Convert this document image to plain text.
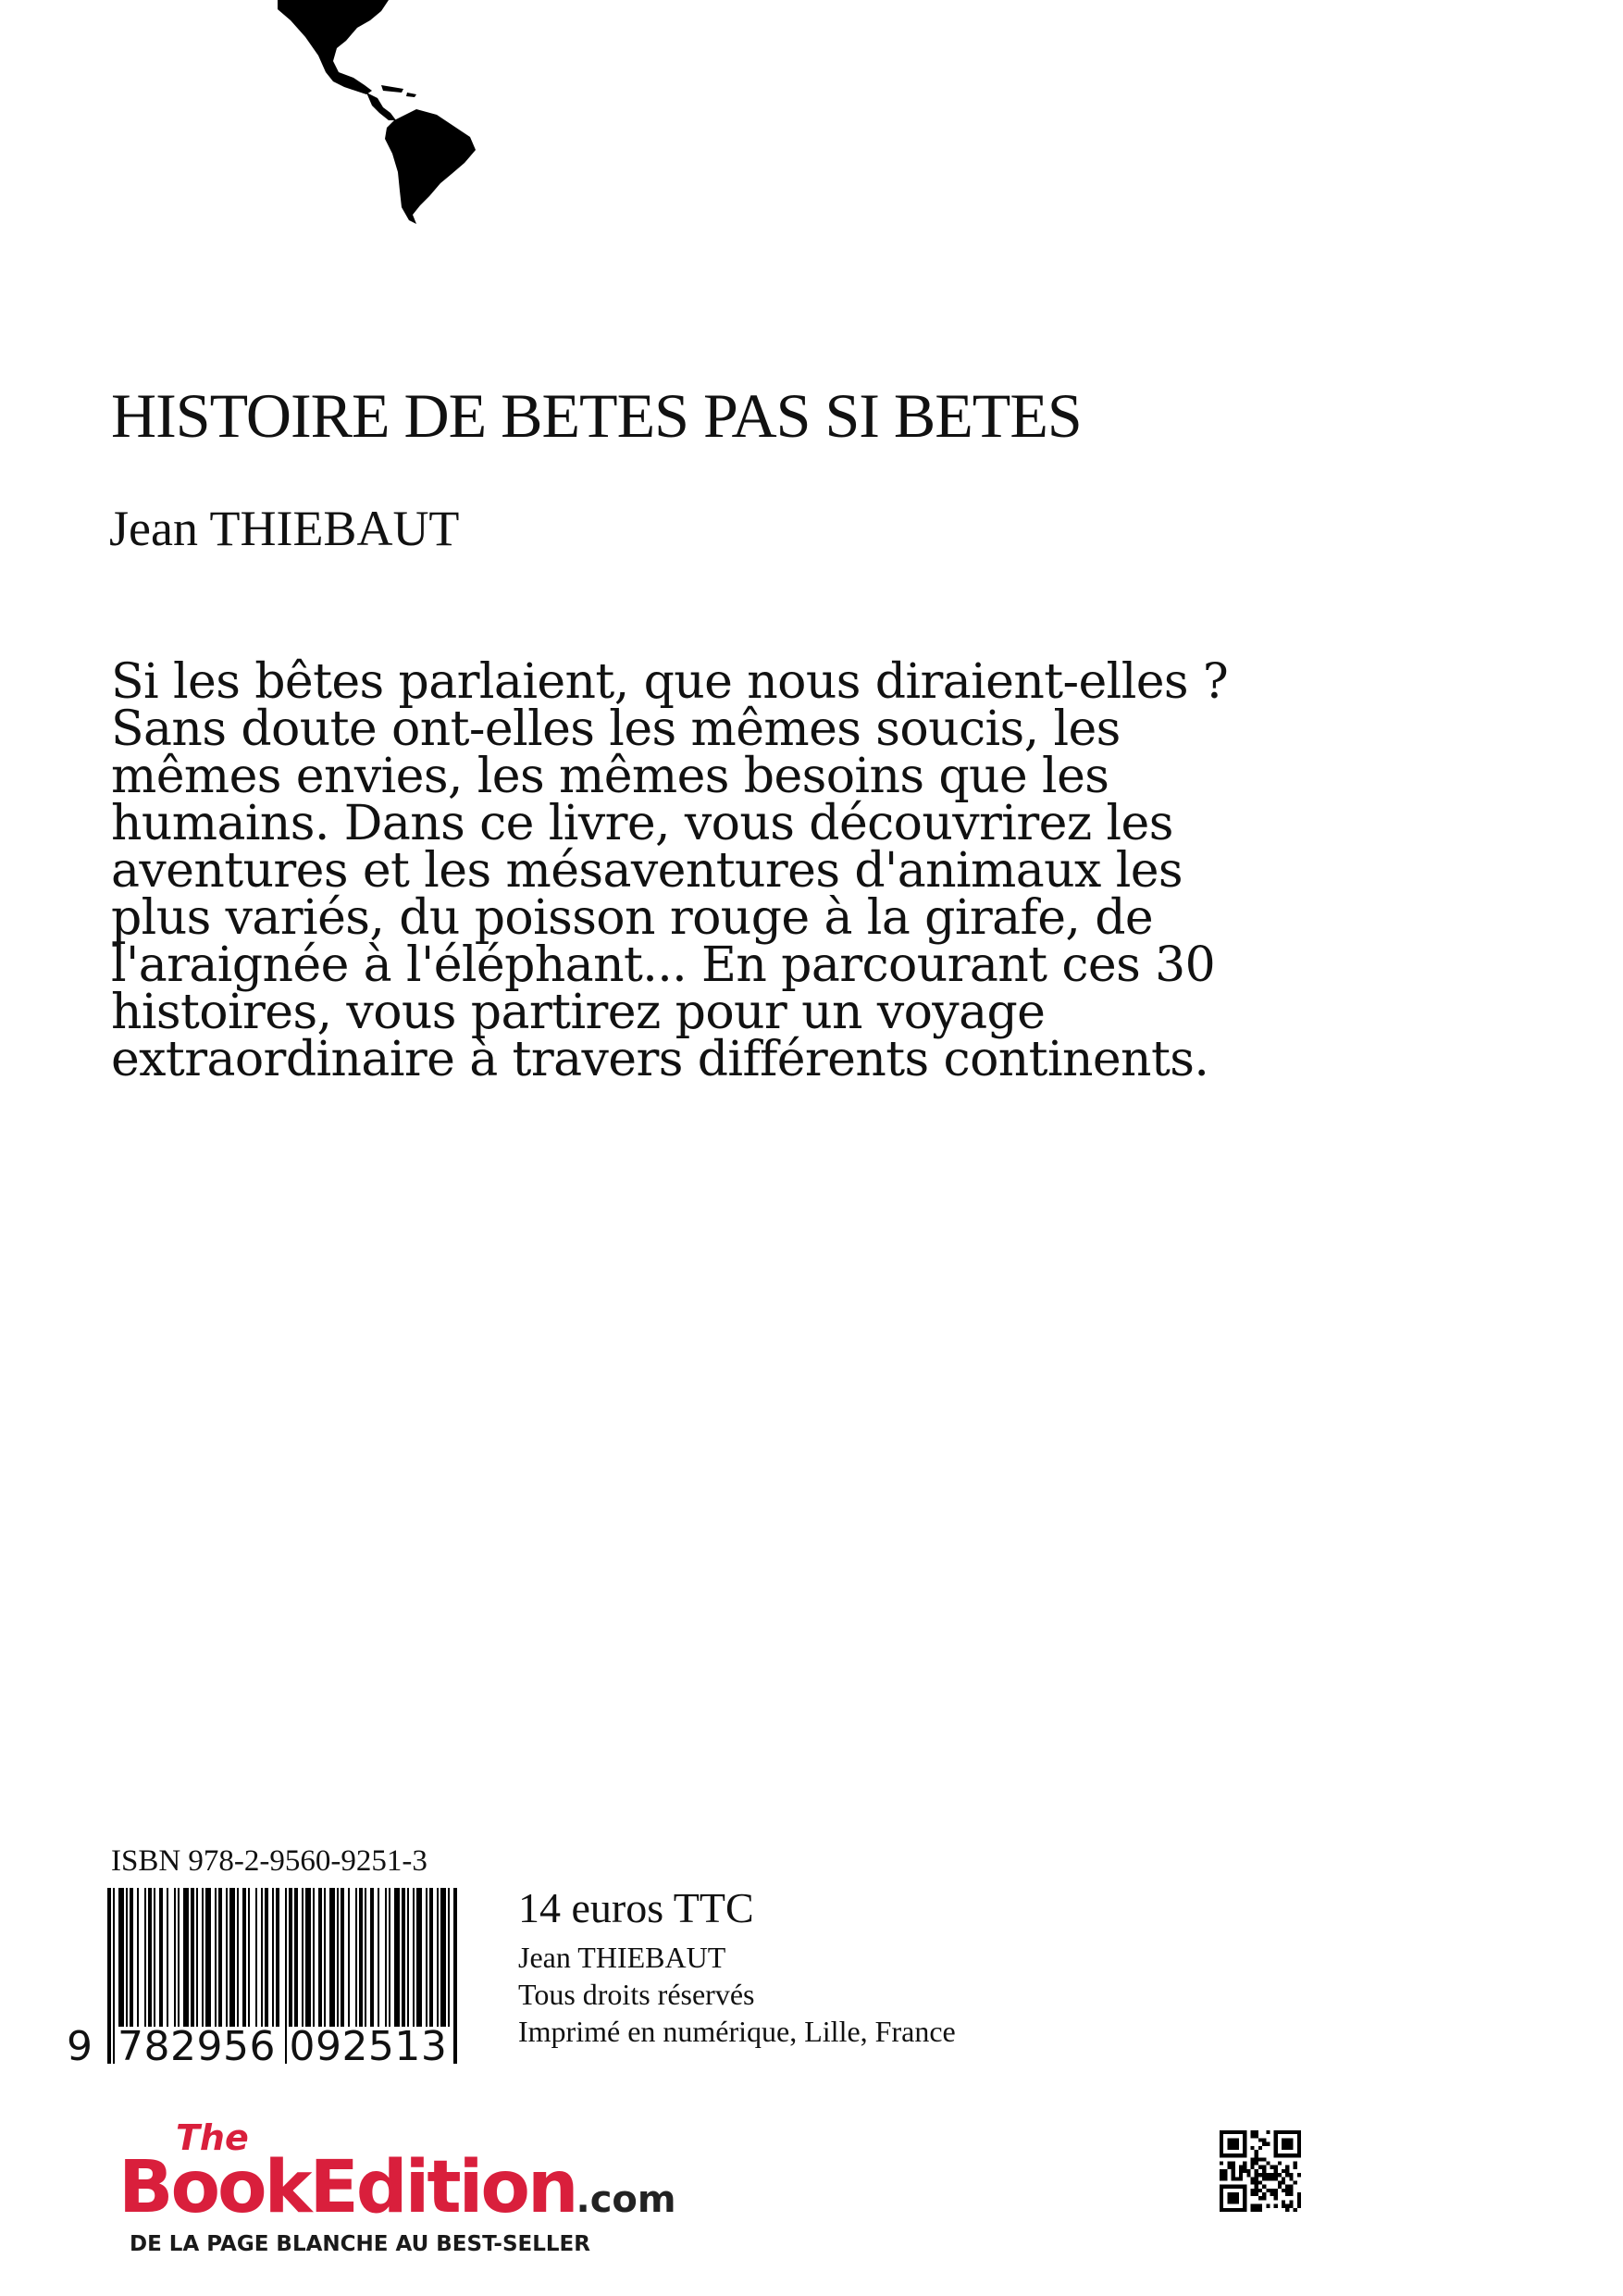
HISTOIRE DE BETES PAS SI BETES
Jean THIEBAUT
Si les bêtes parlaient, que nous diraient-elles ?
Sans doute ont-elles les mêmes soucis, les
mêmes envies, les mêmes besoins que les
humains. Dans ce livre, vous découvrirez les
aventures et les mésaventures d'animaux les
plus variés, du poisson rouge à la girafe, de
l'araignée à l'éléphant... En parcourant ces 30
histoires, vous partirez pour un voyage
extraordinaire à travers différents continents.
ISBN 978-2-9560-9251-3
9 782956 092513
14 euros TTC
Jean THIEBAUT
Tous droits réservés
Imprimé en numérique, Lille, France
The
BookEdition.com
DE LA PAGE BLANCHE AU BEST-SELLER
